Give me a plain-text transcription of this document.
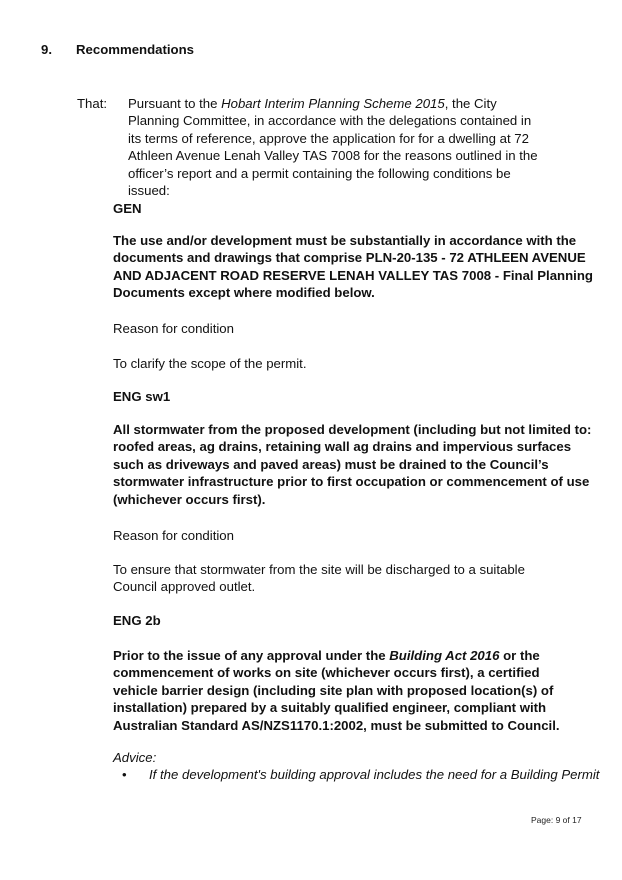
9. Recommendations
That: Pursuant to the Hobart Interim Planning Scheme 2015, the City Planning Committee, in accordance with the delegations contained in its terms of reference, approve the application for for a dwelling at 72 Athleen Avenue Lenah Valley TAS 7008 for the reasons outlined in the officer’s report and a permit containing the following conditions be issued:

GEN

The use and/or development must be substantially in accordance with the documents and drawings that comprise PLN-20-135 - 72 ATHLEEN AVENUE AND ADJACENT ROAD RESERVE LENAH VALLEY TAS 7008 - Final Planning Documents except where modified below.

Reason for condition
To clarify the scope of the permit.
ENG sw1

All stormwater from the proposed development (including but not limited to: roofed areas, ag drains, retaining wall ag drains and impervious surfaces such as driveways and paved areas) must be drained to the Council’s stormwater infrastructure prior to first occupation or commencement of use (whichever occurs first).

Reason for condition

To ensure that stormwater from the site will be discharged to a suitable Council approved outlet.

ENG 2b

Prior to the issue of any approval under the Building Act 2016 or the commencement of works on site (whichever occurs first), a certified vehicle barrier design (including site plan with proposed location(s) of installation) prepared by a suitably qualified engineer, compliant with Australian Standard AS/NZS1170.1:2002, must be submitted to Council.

Advice:
• If the development's building approval includes the need for a Building Permit
Page: 9 of 17
